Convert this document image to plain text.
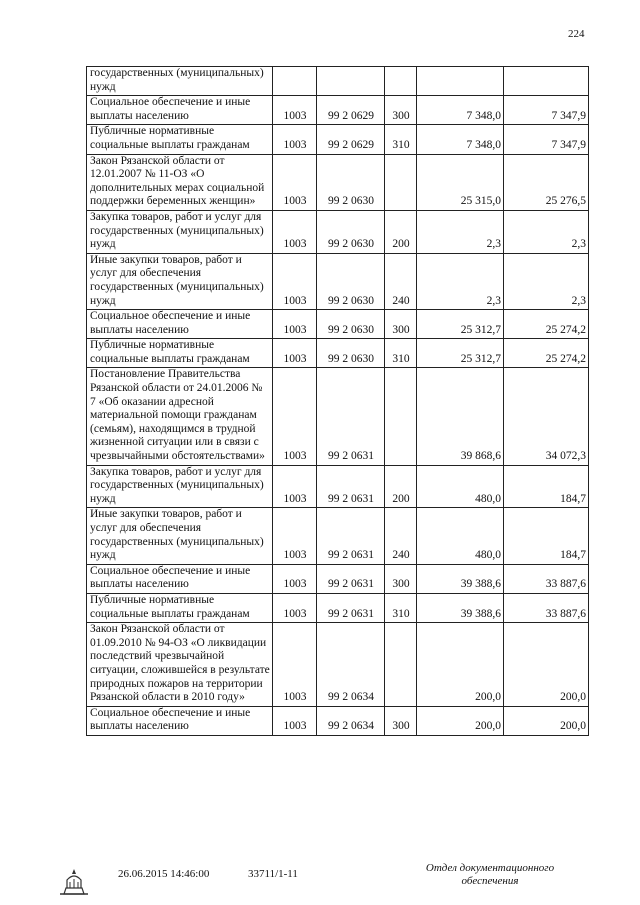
224
государственных (муниципальных) нужд					
Социальное обеспечение и иные выплаты населению	1003	99 2 0629	300	7 348,0	7 347,9
Публичные нормативные социальные выплаты гражданам	1003	99 2 0629	310	7 348,0	7 347,9
Закон Рязанской области от 12.01.2007 № 11-ОЗ «О дополнительных мерах социальной поддержки беременных женщин»	1003	99 2 0630		25 315,0	25 276,5
Закупка товаров, работ и услуг для государственных (муниципальных) нужд	1003	99 2 0630	200	2,3	2,3
Иные закупки товаров, работ и услуг для обеспечения государственных (муниципальных) нужд	1003	99 2 0630	240	2,3	2,3
Социальное обеспечение и иные выплаты населению	1003	99 2 0630	300	25 312,7	25 274,2
Публичные нормативные социальные выплаты гражданам	1003	99 2 0630	310	25 312,7	25 274,2
Постановление Правительства Рязанской области от 24.01.2006 № 7 «Об оказании адресной материальной помощи гражданам (семьям), находящимся в трудной жизненной ситуации или в связи с чрезвычайными обстоятельствами»	1003	99 2 0631		39 868,6	34 072,3
Закупка товаров, работ и услуг для государственных (муниципальных) нужд	1003	99 2 0631	200	480,0	184,7
Иные закупки товаров, работ и услуг для обеспечения государственных (муниципальных) нужд	1003	99 2 0631	240	480,0	184,7
Социальное обеспечение и иные выплаты населению	1003	99 2 0631	300	39 388,6	33 887,6
Публичные нормативные социальные выплаты гражданам	1003	99 2 0631	310	39 388,6	33 887,6
Закон Рязанской области от 01.09.2010 № 94-ОЗ «О ликвидации последствий чрезвычайной ситуации, сложившейся в результате природных пожаров на территории Рязанской области в 2010 году»	1003	99 2 0634		200,0	200,0
Социальное обеспечение и иные выплаты населению	1003	99 2 0634	300	200,0	200,0
26.06.2015 14:46:00	33711/1-11	Отдел документационного обеспечения
